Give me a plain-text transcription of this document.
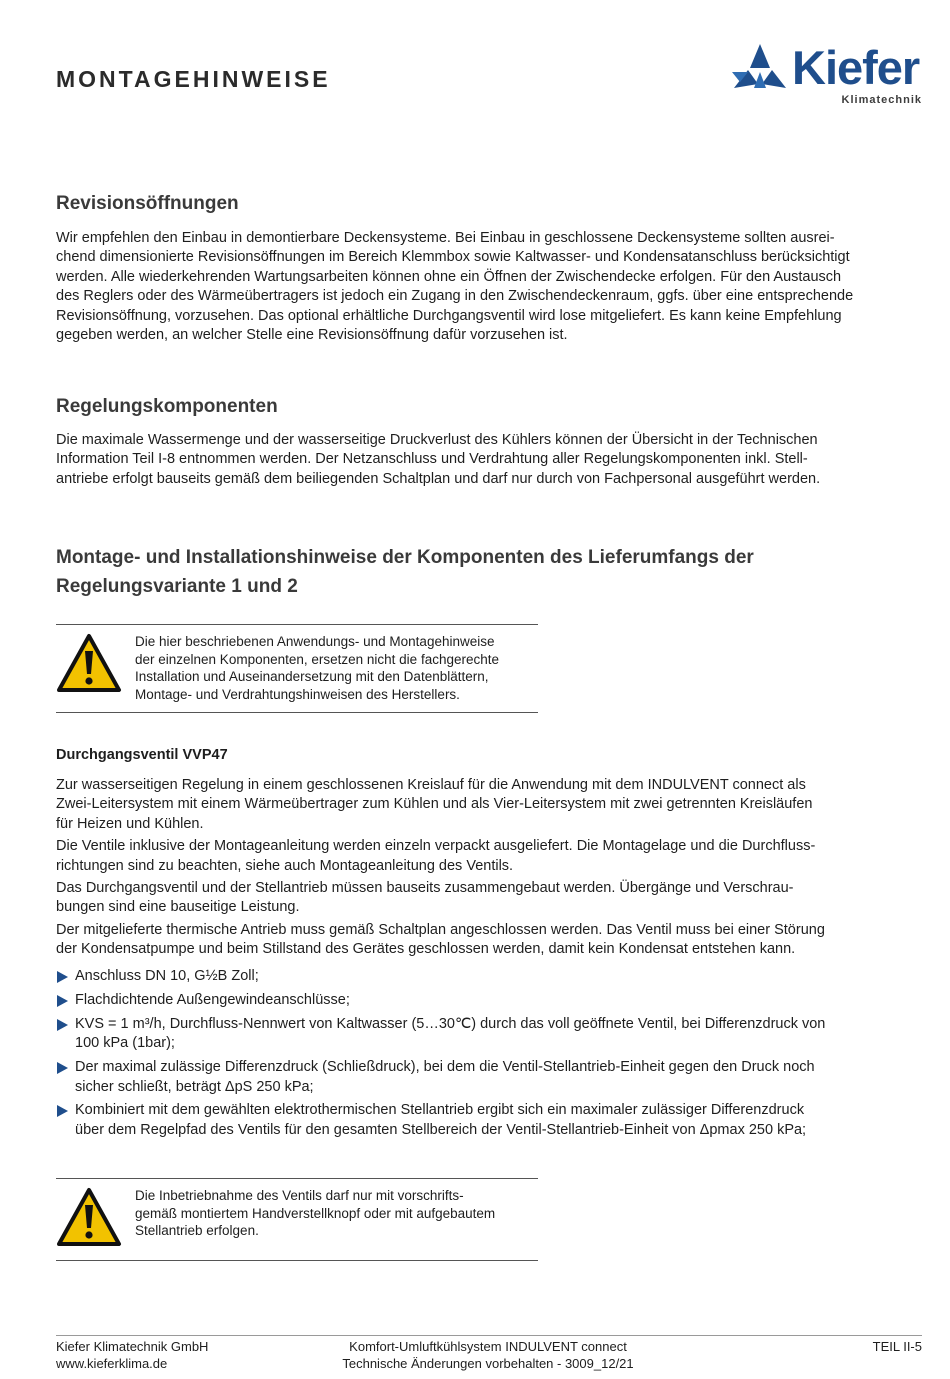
MONTAGEHINWEISE	Kiefer
Klimatechnik
Revisionsöffnungen
Wir empfehlen den Einbau in demontierbare Deckensysteme. Bei Einbau in geschlossene Deckensysteme sollten ausrei-
chend dimensionierte Revisionsöffnungen im Bereich Klemmbox sowie Kaltwasser- und Kondensatanschluss berücksichtigt
werden. Alle wiederkehrenden Wartungsarbeiten können ohne ein Öffnen der Zwischendecke erfolgen. Für den Austausch
des Reglers oder des Wärmeübertragers ist jedoch ein Zugang in den Zwischendeckenraum, ggfs. über eine entsprechende
Revisionsöffnung, vorzusehen. Das optional erhältliche Durchgangsventil wird lose mitgeliefert. Es kann keine Empfehlung
gegeben werden, an welcher Stelle eine Revisionsöffnung dafür vorzusehen ist.
Regelungskomponenten
Die maximale Wassermenge und der wasserseitige Druckverlust des Kühlers können der Übersicht in der Technischen
Information Teil I-8 entnommen werden. Der Netzanschluss und Verdrahtung aller Regelungskomponenten inkl. Stell-
antriebe erfolgt bauseits gemäß dem beiliegenden Schaltplan und darf nur durch von Fachpersonal ausgeführt werden.
Montage- und Installationshinweise der Komponenten des Lieferumfangs der
Regelungsvariante 1 und 2
Die hier beschriebenen Anwendungs- und Montagehinweise
der einzelnen Komponenten, ersetzen nicht die fachgerechte
Installation und Auseinandersetzung mit den Datenblättern,
Montage- und Verdrahtungshinweisen des Herstellers.
Durchgangsventil VVP47

Zur wasserseitigen Regelung in einem geschlossenen Kreislauf für die Anwendung mit dem INDULVENT connect als
Zwei-Leitersystem mit einem Wärmeübertrager zum Kühlen und als Vier-Leitersystem mit zwei getrennten Kreisläufen
für Heizen und Kühlen.

Die Ventile inklusive der Montageanleitung werden einzeln verpackt ausgeliefert. Die Montagelage und die Durchfluss-
richtungen sind zu beachten, siehe auch Montageanleitung des Ventils.

Das Durchgangsventil und der Stellantrieb müssen bauseits zusammengebaut werden. Übergänge und Verschrau-
bungen sind eine bauseitige Leistung.

Der mitgelieferte thermische Antrieb muss gemäß Schaltplan angeschlossen werden. Das Ventil muss bei einer Störung
der Kondensatpumpe und beim Stillstand des Gerätes geschlossen werden, damit kein Kondensat entstehen kann.

Anschluss DN 10, G½B Zoll;
Flachdichtende Außengewindeanschlüsse;
KVS = 1 m³/h, Durchfluss-Nennwert von Kaltwasser (5…30℃) durch das voll geöffnete Ventil, bei Differenzdruck von
100 kPa (1bar);
Der maximal zulässige Differenzdruck (Schließdruck), bei dem die Ventil-Stellantrieb-Einheit gegen den Druck noch
sicher schließt, beträgt ΔpS 250 kPa;
Kombiniert mit dem gewählten elektrothermischen Stellantrieb ergibt sich ein maximaler zulässiger Differenzdruck
über dem Regelpfad des Ventils für den gesamten Stellbereich der Ventil-Stellantrieb-Einheit von Δpmax 250 kPa;
Die Inbetriebnahme des Ventils darf nur mit vorschrifts-
gemäß montiertem Handverstellknopf oder mit aufgebautem
Stellantrieb erfolgen.
Kiefer Klimatechnik GmbH
www.kieferklima.de
Komfort-Umluftkühlsystem INDULVENT connect
Technische Änderungen vorbehalten - 3009_12/21
TEIL II-5
